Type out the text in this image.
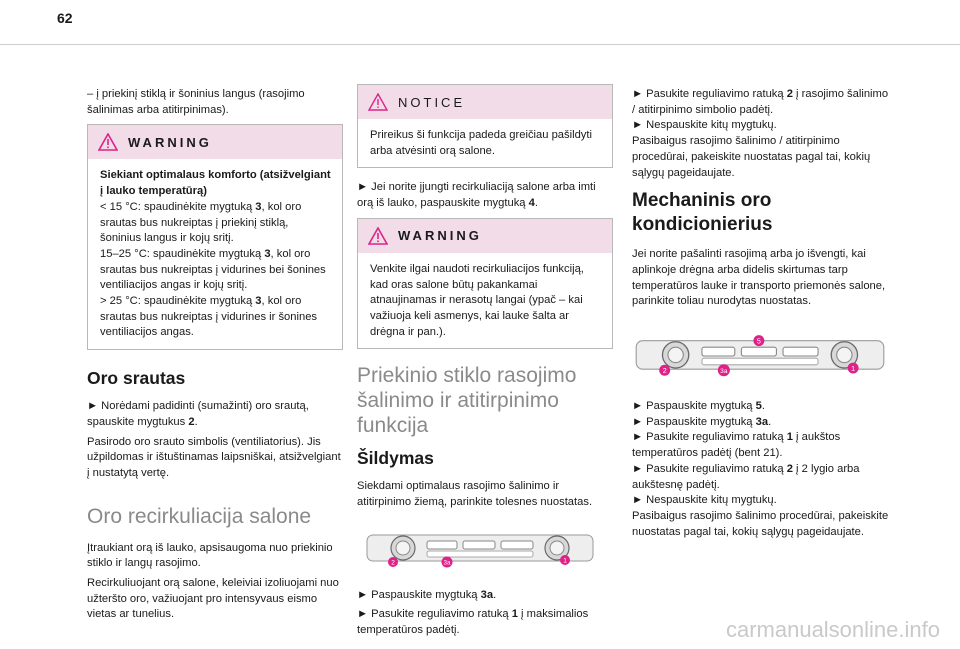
62

– į priekinį stiklą ir šoninius langus (rasojimo šalinimas arba atitirpinimas).

WARNING

Siekiant optimalaus komforto (atsižvelgiant į lauko temperatūrą)

< 15 °C: spaudinėkite mygtuką 3, kol oro srautas bus nukreiptas į priekinį stiklą, šoninius langus ir kojų sritį.

15–25 °C: spaudinėkite mygtuką 3, kol oro srautas bus nukreiptas į vidurines bei šonines ventiliacijos angas ir kojų sritį.

> 25 °C: spaudinėkite mygtuką 3, kol oro srautas bus nukreiptas į vidurines ir šonines ventiliacijos angas.

Oro srautas

► Norėdami padidinti (sumažinti) oro srautą, spauskite mygtukus 2.

Pasirodo oro srauto simbolis (ventiliatorius). Jis užpildomas ir ištuštinamas laipsniškai, atsižvelgiant į nustatytą vertę.

Oro recirkuliacija salone

Įtraukiant orą iš lauko, apsisaugoma nuo priekinio stiklo ir langų rasojimo.

Recirkuliuojant orą salone, keleiviai izoliuojami nuo užteršto oro, važiuojant pro intensyvaus eismo vietas ar tunelius.

NOTICE

Prireikus ši funkcija padeda greičiau pašildyti arba atvėsinti orą salone.

► Jei norite įjungti recirkuliaciją salone arba imti orą iš lauko, paspauskite mygtuką 4.

WARNING

Venkite ilgai naudoti recirkuliacijos funkciją, kad oras salone būtų pakankamai atnaujinamas ir nerasotų langai (ypač – kai važiuoja keli asmenys, kai lauke šalta ar drėgna ir pan.).

Priekinio stiklo rasojimo šalinimo ir atitirpinimo funkcija
Šildymas

Siekdami optimalaus rasojimo šalinimo ir atitirpinimo žiemą, parinkite tolesnes nuostatas.

2	3a	1

► Paspauskite mygtuką 3a.

► Pasukite reguliavimo ratuką 1 į maksimalios temperatūros padėtį.

► Pasukite reguliavimo ratuką 2 į rasojimo šalinimo / atitirpinimo simbolio padėtį.

► Nespauskite kitų mygtukų.

Pasibaigus rasojimo šalinimo / atitirpinimo procedūrai, pakeiskite nuostatas pagal tai, kokių sąlygų pageidaujate.

Mechaninis oro kondicionierius

Jei norite pašalinti rasojimą arba jo išvengti, kai aplinkoje drėgna arba didelis skirtumas tarp temperatūros lauke ir transporto priemonės salone, parinkite toliau nurodytas nuostatas.

5
2	3a	1

► Paspauskite mygtuką 5.

► Paspauskite mygtuką 3a.

► Pasukite reguliavimo ratuką 1 į aukštos temperatūros padėtį (bent 21).

► Pasukite reguliavimo ratuką 2 į 2 lygio arba aukštesnę padėtį.

► Nespauskite kitų mygtukų.

Pasibaigus rasojimo šalinimo procedūrai, pakeiskite nuostatas pagal tai, kokių sąlygų pageidaujate.

carmanualsonline.info
